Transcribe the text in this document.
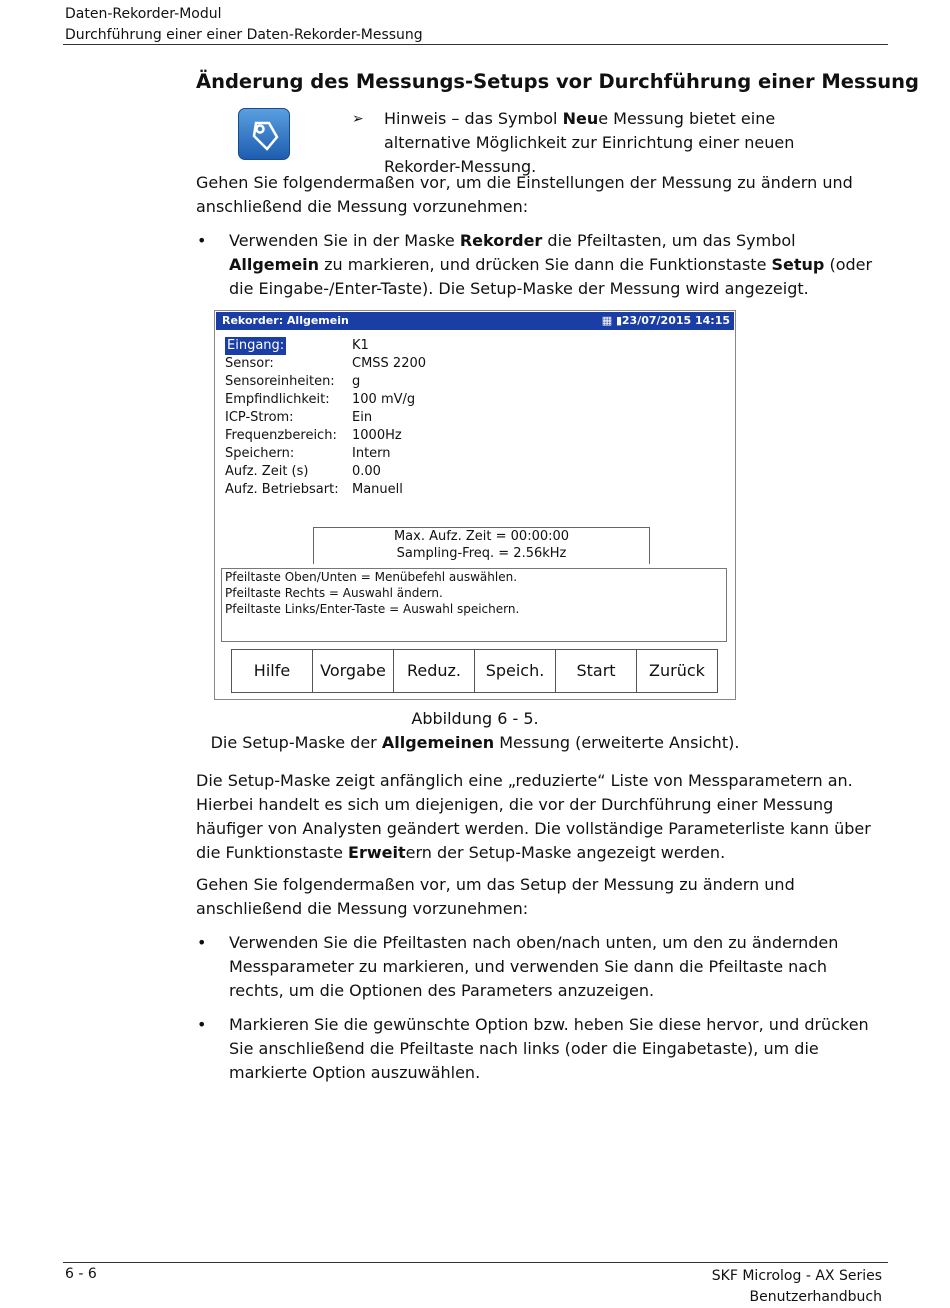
Daten-Rekorder-Modul
Durchführung einer einer Daten-Rekorder-Messung
Änderung des Messungs-Setups vor Durchführung einer Messung
➢ Hinweis – das Symbol Neue Messung bietet eine alternative Möglichkeit zur Einrichtung einer neuen Rekorder-Messung.
Gehen Sie folgendermaßen vor, um die Einstellungen der Messung zu ändern und anschließend die Messung vorzunehmen:
• Verwenden Sie in der Maske Rekorder die Pfeiltasten, um das Symbol Allgemein zu markieren, und drücken Sie dann die Funktionstaste Setup (oder die Eingabe-/Enter-Taste). Die Setup-Maske der Messung wird angezeigt.
Rekorder: Allgemein	▦ ▮ 23/07/2015 14:15
Eingang:	K1
Sensor:	CMSS 2200
Sensoreinheiten: g
Empfindlichkeit: 100 mV/g
ICP-Strom:	Ein
Frequenzbereich: 1000Hz
Speichern:	Intern
Aufz. Zeit (s)	0.00
Aufz. Betriebsart: Manuell
Max. Aufz. Zeit = 00:00:00
Sampling-Freq. = 2.56kHz
Pfeiltaste Oben/Unten = Menübefehl auswählen.
Pfeiltaste Rechts = Auswahl ändern.
Pfeiltaste Links/Enter-Taste = Auswahl speichern.
Hilfe	Vorgabe	Reduz.	Speich.	Start	Zurück
Abbildung 6 - 5.
Die Setup-Maske der Allgemeinen Messung (erweiterte Ansicht).
Die Setup-Maske zeigt anfänglich eine „reduzierte“ Liste von Messparametern an. Hierbei handelt es sich um diejenigen, die vor der Durchführung einer Messung häufiger von Analysten geändert werden. Die vollständige Parameterliste kann über die Funktionstaste Erweitern der Setup-Maske angezeigt werden.
Gehen Sie folgendermaßen vor, um das Setup der Messung zu ändern und anschließend die Messung vorzunehmen:
• Verwenden Sie die Pfeiltasten nach oben/nach unten, um den zu ändernden Messparameter zu markieren, und verwenden Sie dann die Pfeiltaste nach rechts, um die Optionen des Parameters anzuzeigen.
• Markieren Sie die gewünschte Option bzw. heben Sie diese hervor, und drücken Sie anschließend die Pfeiltaste nach links (oder die Eingabetaste), um die markierte Option auszuwählen.
6 - 6	SKF Microlog - AX Series
Benutzerhandbuch
